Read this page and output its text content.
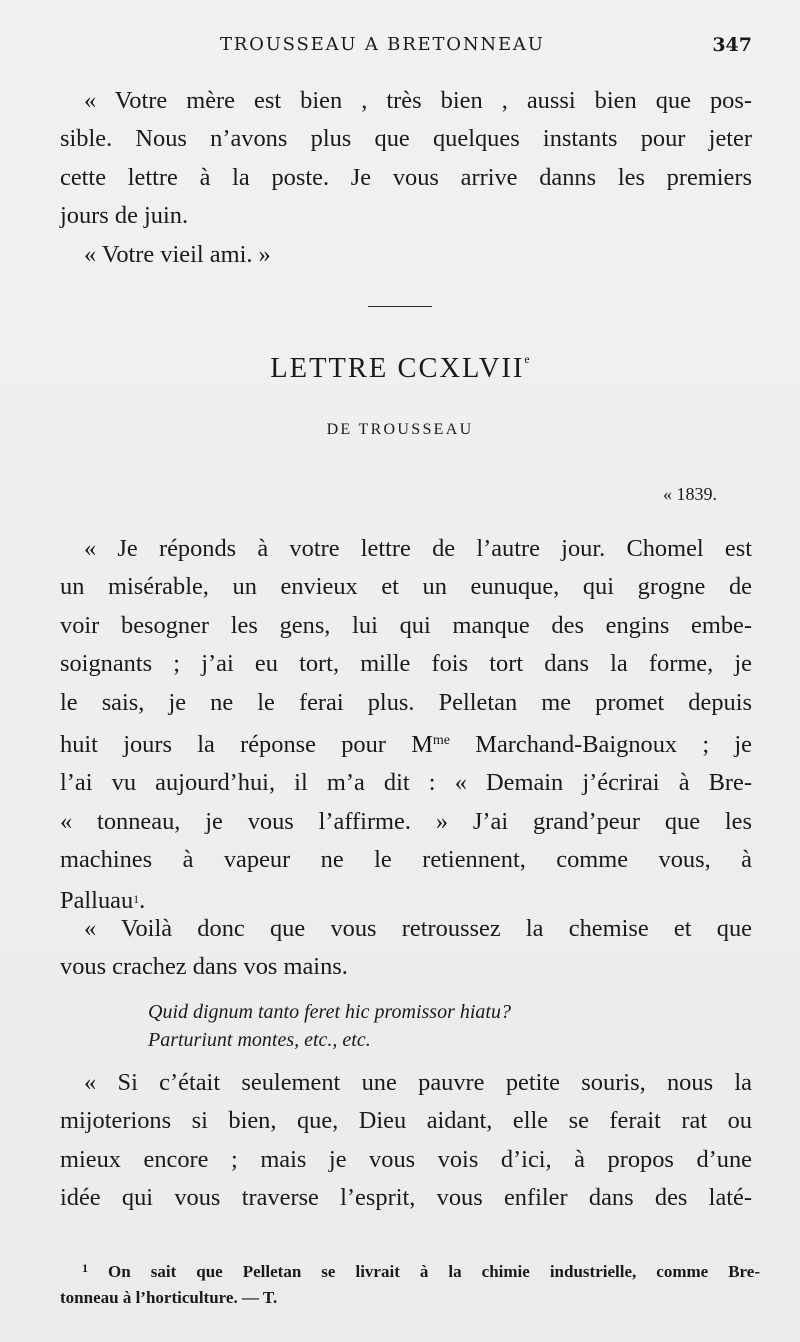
TROUSSEAU A BRETONNEAU	347
« Votre mère est bien , très bien , aussi bien que pos-
sible. Nous n’avons plus que quelques instants pour jeter
cette lettre à la poste. Je vous arrive danns les premiers
jours de juin.
« Votre vieil ami. »
LETTRE CCXLVIIe
DE TROUSSEAU
« 1839.
« Je réponds à votre lettre de l’autre jour. Chomel est
un misérable, un envieux et un eunuque, qui grogne de
voir besogner les gens, lui qui manque des engins embe-
soignants ; j’ai eu tort, mille fois tort dans la forme, je
le sais, je ne le ferai plus. Pelletan me promet depuis
huit jours la réponse pour $M^{me}$ Marchand-Baignoux ; je
l’ai vu aujourd’hui, il m’a dit : « Demain j’écrirai à Bre-
« tonneau, je vous l’affirme. » J’ai grand’peur que les
machines à vapeur ne le retiennent, comme vous, à
Palluau$^1$.
« Voilà donc que vous retroussez la chemise et que
vous crachez dans vos mains.
Quid dignum tanto feret hic promissor hiatu?
Parturiunt montes, etc., etc.
« Si c’était seulement une pauvre petite souris, nous la
mijoterions si bien, que, Dieu aidant, elle se ferait rat ou
mieux encore ; mais je vous vois d’ici, à propos d’une
idée qui vous traverse l’esprit, vous enfiler dans des laté-
$^1$ On sait que Pelletan se livrait à la chimie industrielle, comme Bre-
tonneau à l’horticulture. — T.
